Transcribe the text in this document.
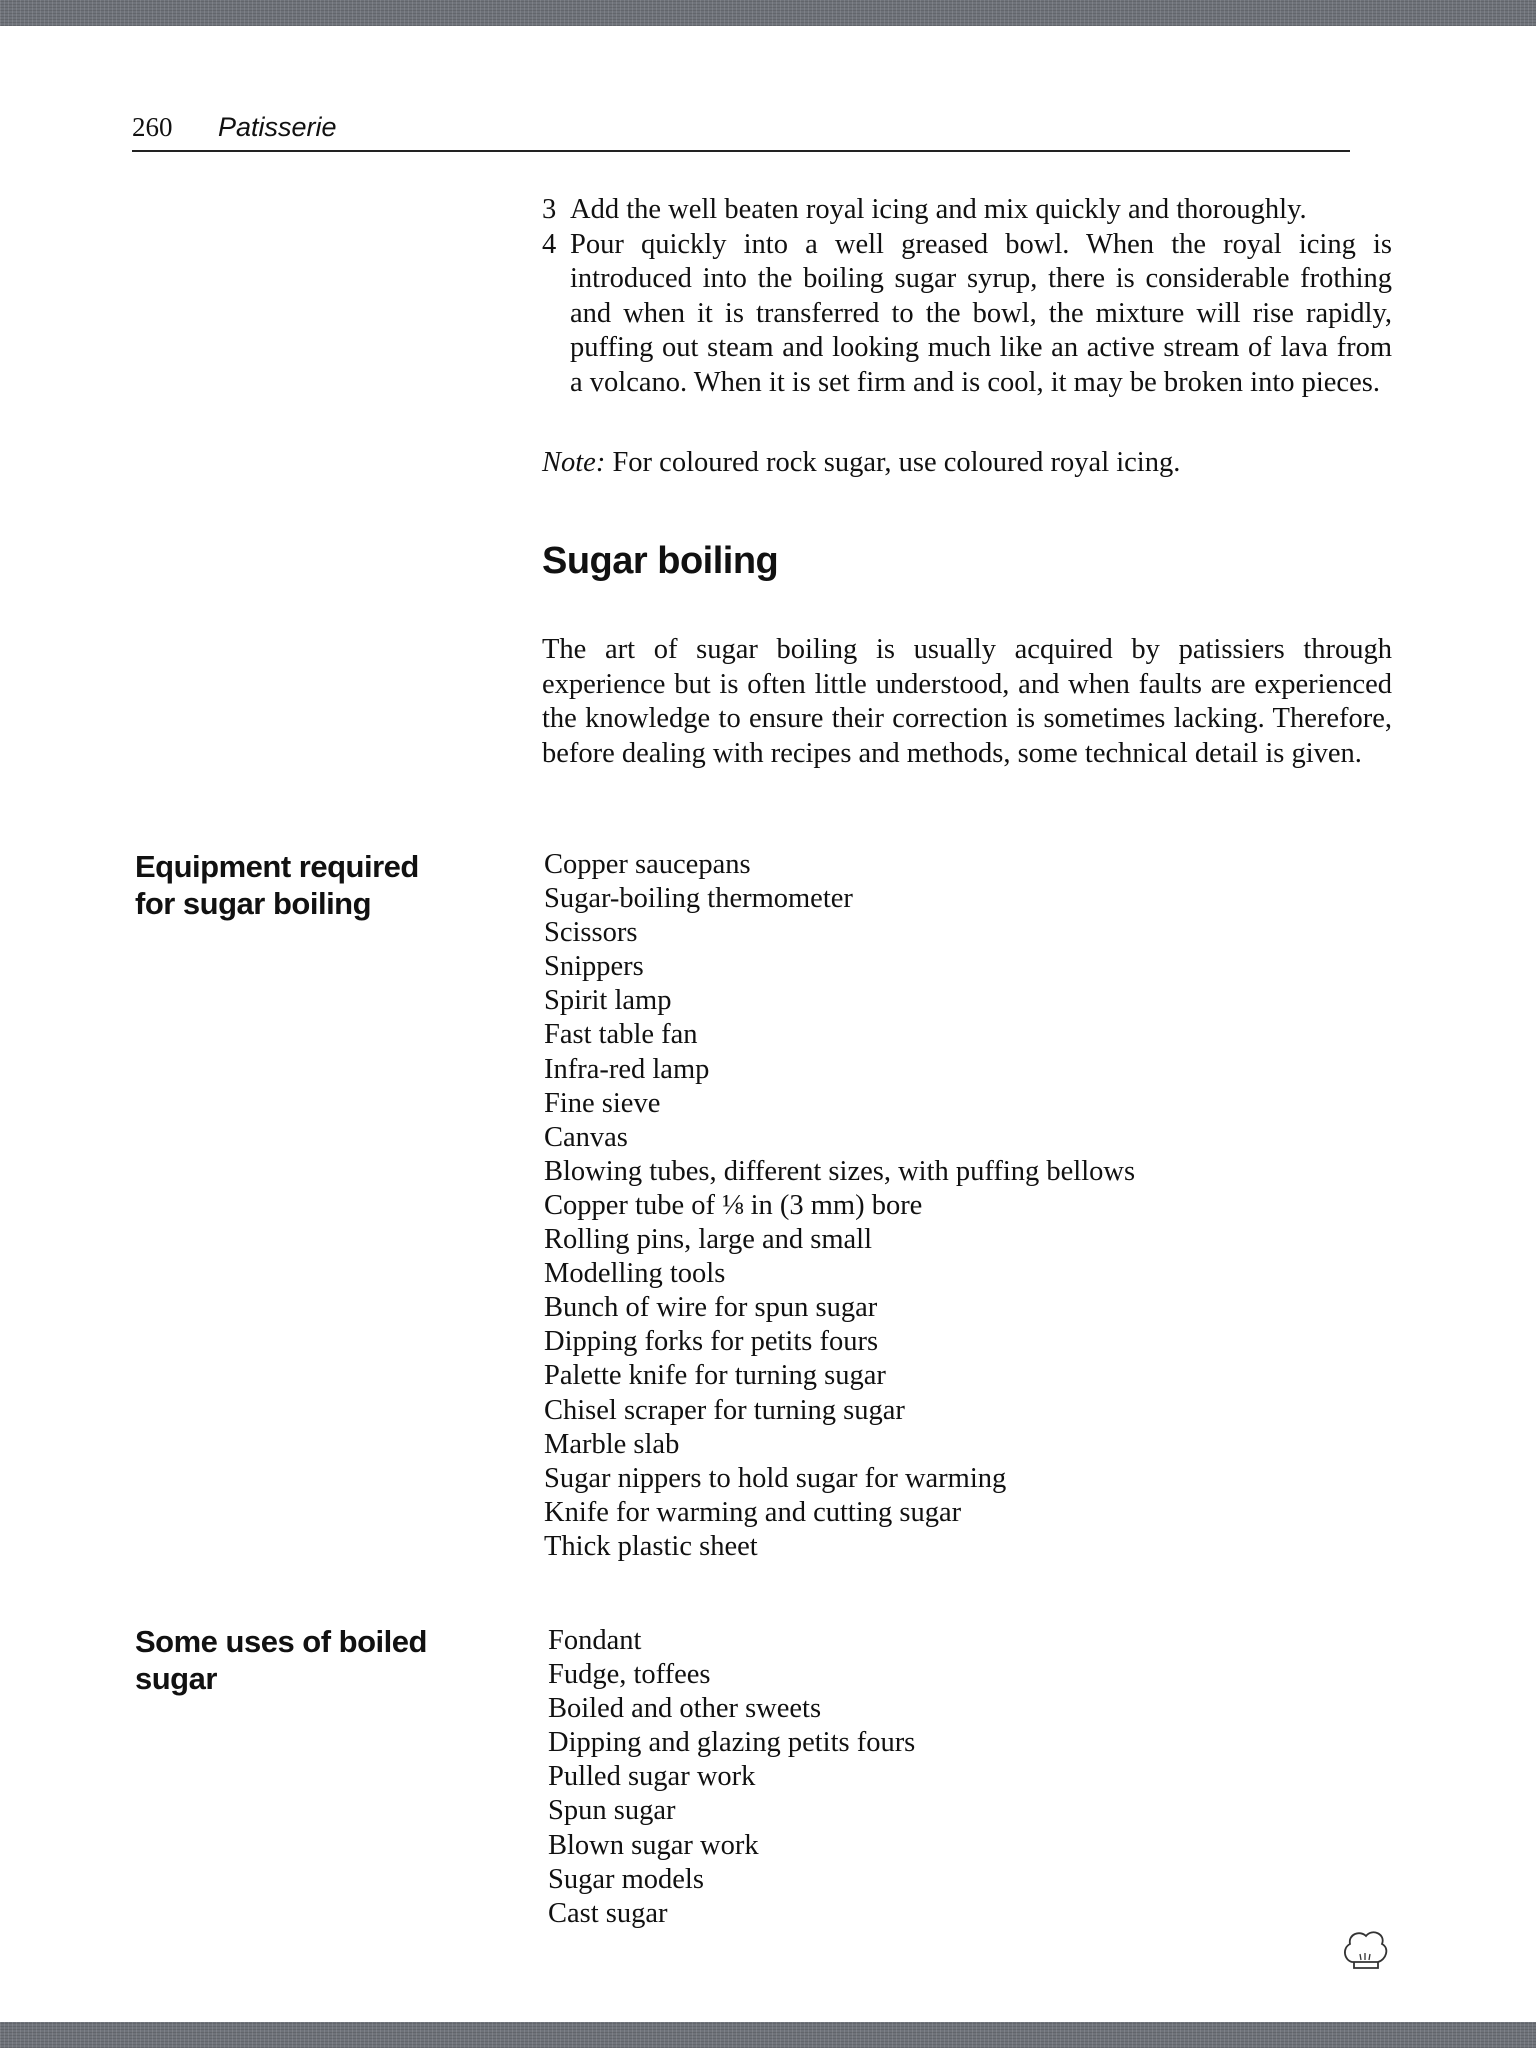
260 Patisserie
3 Add the well beaten royal icing and mix quickly and thoroughly.
4 Pour quickly into a well greased bowl. When the royal icing is introduced into the boiling sugar syrup, there is considerable frothing and when it is transferred to the bowl, the mixture will rise rapidly, puffing out steam and looking much like an active stream of lava from a volcano. When it is set firm and is cool, it may be broken into pieces.
Note: For coloured rock sugar, use coloured royal icing.
Sugar boiling
The art of sugar boiling is usually acquired by patissiers through experience but is often little understood, and when faults are experienced the knowledge to ensure their correction is sometimes lacking. Therefore, before dealing with recipes and methods, some technical detail is given.
Equipment required
for sugar boiling
Copper saucepans
Sugar-boiling thermometer
Scissors
Snippers
Spirit lamp
Fast table fan
Infra-red lamp
Fine sieve
Canvas
Blowing tubes, different sizes, with puffing bellows
Copper tube of ⅛ in (3 mm) bore
Rolling pins, large and small
Modelling tools
Bunch of wire for spun sugar
Dipping forks for petits fours
Palette knife for turning sugar
Chisel scraper for turning sugar
Marble slab
Sugar nippers to hold sugar for warming
Knife for warming and cutting sugar
Thick plastic sheet
Some uses of boiled
sugar
Fondant
Fudge, toffees
Boiled and other sweets
Dipping and glazing petits fours
Pulled sugar work
Spun sugar
Blown sugar work
Sugar models
Cast sugar
